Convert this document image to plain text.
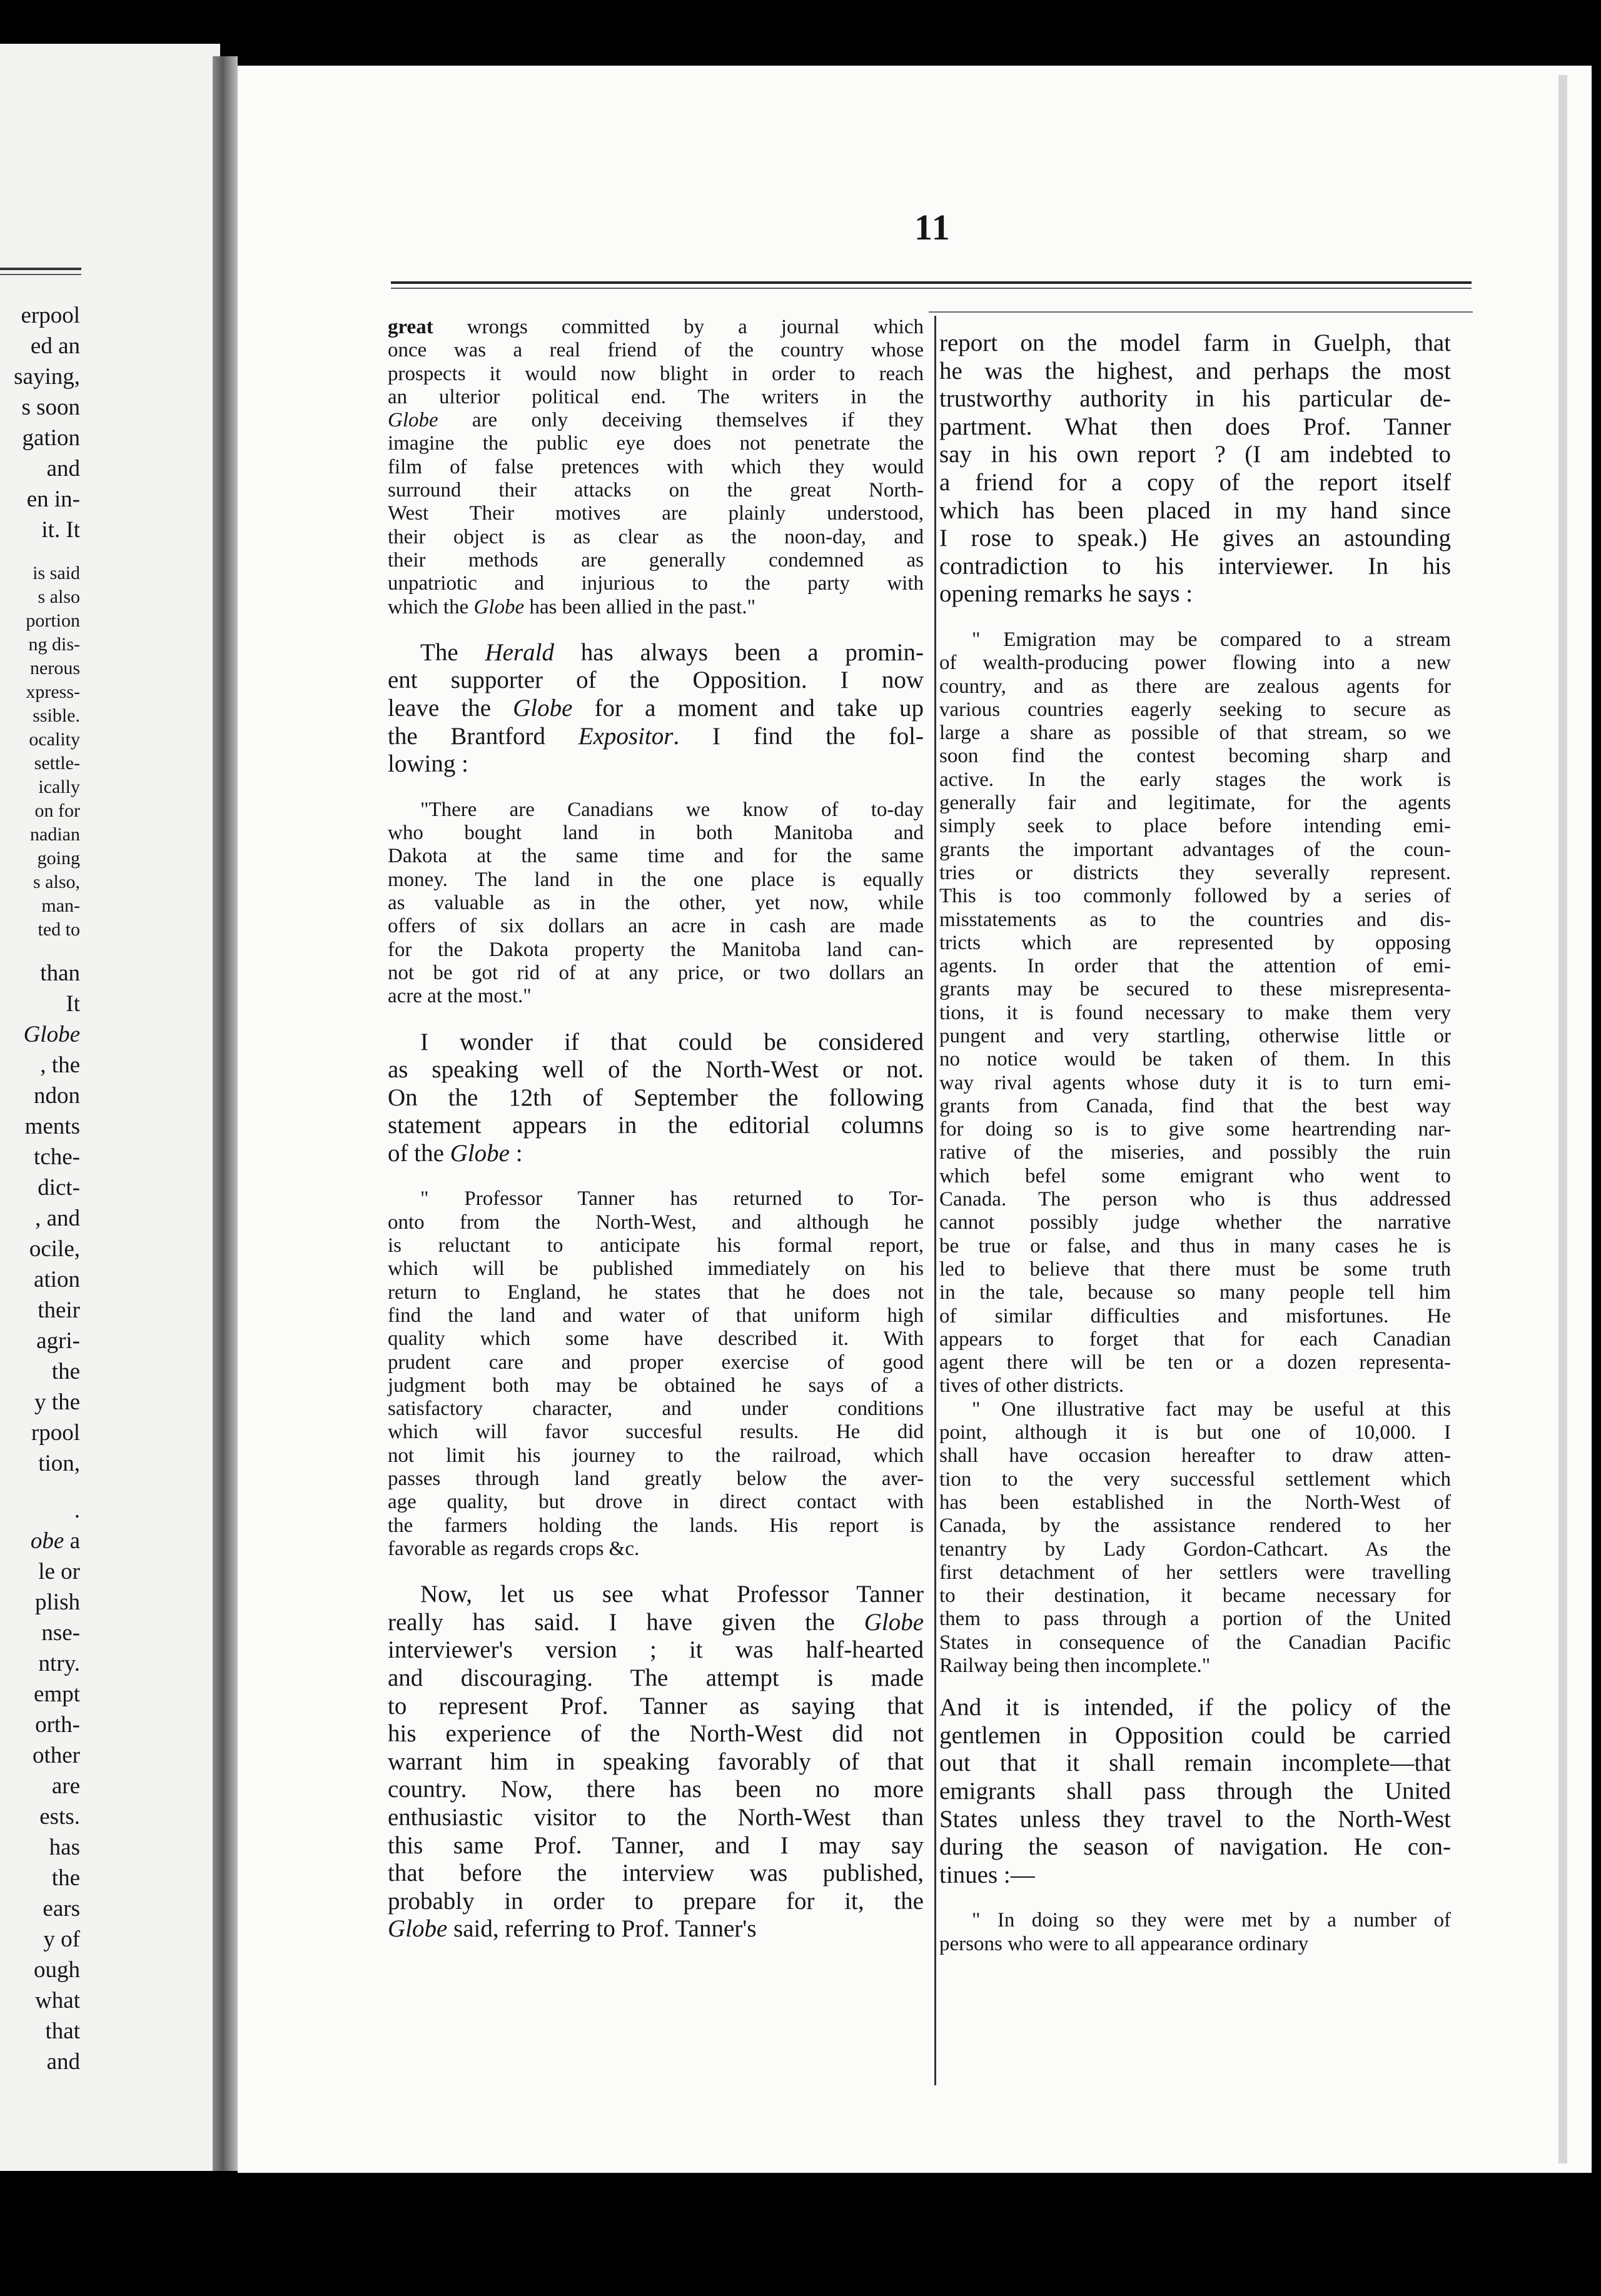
erpool
ed an
saying,
s soon
gation
and
en in-
it. It
is said
s also
portion
ng dis-
nerous
xpress-
ssible.
ocality
settle-
ically
on for
nadian
going
s also,
man-
ted to
than
It
Globe
, the
ndon
ments
tche-
dict-
, and
ocile,
ation
their
agri-
the
y the
rpool
tion,
.
obe a
le or
plish
nse-
ntry.
empt
orth-
other
are
ests.
has
the
ears
y of
ough
what
that
and
11
great wrongs committed by a journal which
once was a real friend of the country whose
prospects it would now blight in order to reach
an ulterior political end. The writers in the
Globe are only deceiving themselves if they
imagine the public eye does not penetrate the
film of false pretences with which they would
surround their attacks on the great North-
West Their motives are plainly understood,
their object is as clear as the noon-day, and
their methods are generally condemned as
unpatriotic and injurious to the party with
which the Globe has been allied in the past."
The Herald has always been a promin-
ent supporter of the Opposition. I now
leave the Globe for a moment and take up
the Brantford Expositor. I find the fol-
lowing :
"There are Canadians we know of to-day
who bought land in both Manitoba and
Dakota at the same time and for the same
money. The land in the one place is equally
as valuable as in the other, yet now, while
offers of six dollars an acre in cash are made
for the Dakota property the Manitoba land can-
not be got rid of at any price, or two dollars an
acre at the most."
I wonder if that could be considered
as speaking well of the North-West or not.
On the 12th of September the following
statement appears in the editorial columns
of the Globe :
" Professor Tanner has returned to Tor-
onto from the North-West, and although he
is reluctant to anticipate his formal report,
which will be published immediately on his
return to England, he states that he does not
find the land and water of that uniform high
quality which some have described it. With
prudent care and proper exercise of good
judgment both may be obtained he says of a
satisfactory character, and under conditions
which will favor succesful results. He did
not limit his journey to the railroad, which
passes through land greatly below the aver-
age quality, but drove in direct contact with
the farmers holding the lands. His report is
favorable as regards crops &c.
Now, let us see what Professor Tanner
really has said. I have given the Globe
interviewer's version ; it was half-hearted
and discouraging. The attempt is made
to represent Prof. Tanner as saying that
his experience of the North-West did not
warrant him in speaking favorably of that
country. Now, there has been no more
enthusiastic visitor to the North-West than
this same Prof. Tanner, and I may say
that before the interview was published,
probably in order to prepare for it, the
Globe said, referring to Prof. Tanner's
report on the model farm in Guelph, that
he was the highest, and perhaps the most
trustworthy authority in his particular de-
partment. What then does Prof. Tanner
say in his own report ? (I am indebted to
a friend for a copy of the report itself
which has been placed in my hand since
I rose to speak.) He gives an astounding
contradiction to his interviewer. In his
opening remarks he says :
" Emigration may be compared to a stream
of wealth-producing power flowing into a new
country, and as there are zealous agents for
various countries eagerly seeking to secure as
large a share as possible of that stream, so we
soon find the contest becoming sharp and
active. In the early stages the work is
generally fair and legitimate, for the agents
simply seek to place before intending emi-
grants the important advantages of the coun-
tries or districts they severally represent.
This is too commonly followed by a series of
misstatements as to the countries and dis-
tricts which are represented by opposing
agents. In order that the attention of emi-
grants may be secured to these misrepresenta-
tions, it is found necessary to make them very
pungent and very startling, otherwise little or
no notice would be taken of them. In this
way rival agents whose duty it is to turn emi-
grants from Canada, find that the best way
for doing so is to give some heartrending nar-
rative of the miseries, and possibly the ruin
which befel some emigrant who went to
Canada. The person who is thus addressed
cannot possibly judge whether the narrative
be true or false, and thus in many cases he is
led to believe that there must be some truth
in the tale, because so many people tell him
of similar difficulties and misfortunes. He
appears to forget that for each Canadian
agent there will be ten or a dozen representa-
tives of other districts.
" One illustrative fact may be useful at this
point, although it is but one of 10,000. I
shall have occasion hereafter to draw atten-
tion to the very successful settlement which
has been established in the North-West of
Canada, by the assistance rendered to her
tenantry by Lady Gordon-Cathcart. As the
first detachment of her settlers were travelling
to their destination, it became necessary for
them to pass through a portion of the United
States in consequence of the Canadian Pacific
Railway being then incomplete."
And it is intended, if the policy of the
gentlemen in Opposition could be carried
out that it shall remain incomplete—that
emigrants shall pass through the United
States unless they travel to the North-West
during the season of navigation. He con-
tinues :—
" In doing so they were met by a number of
persons who were to all appearance ordinary
